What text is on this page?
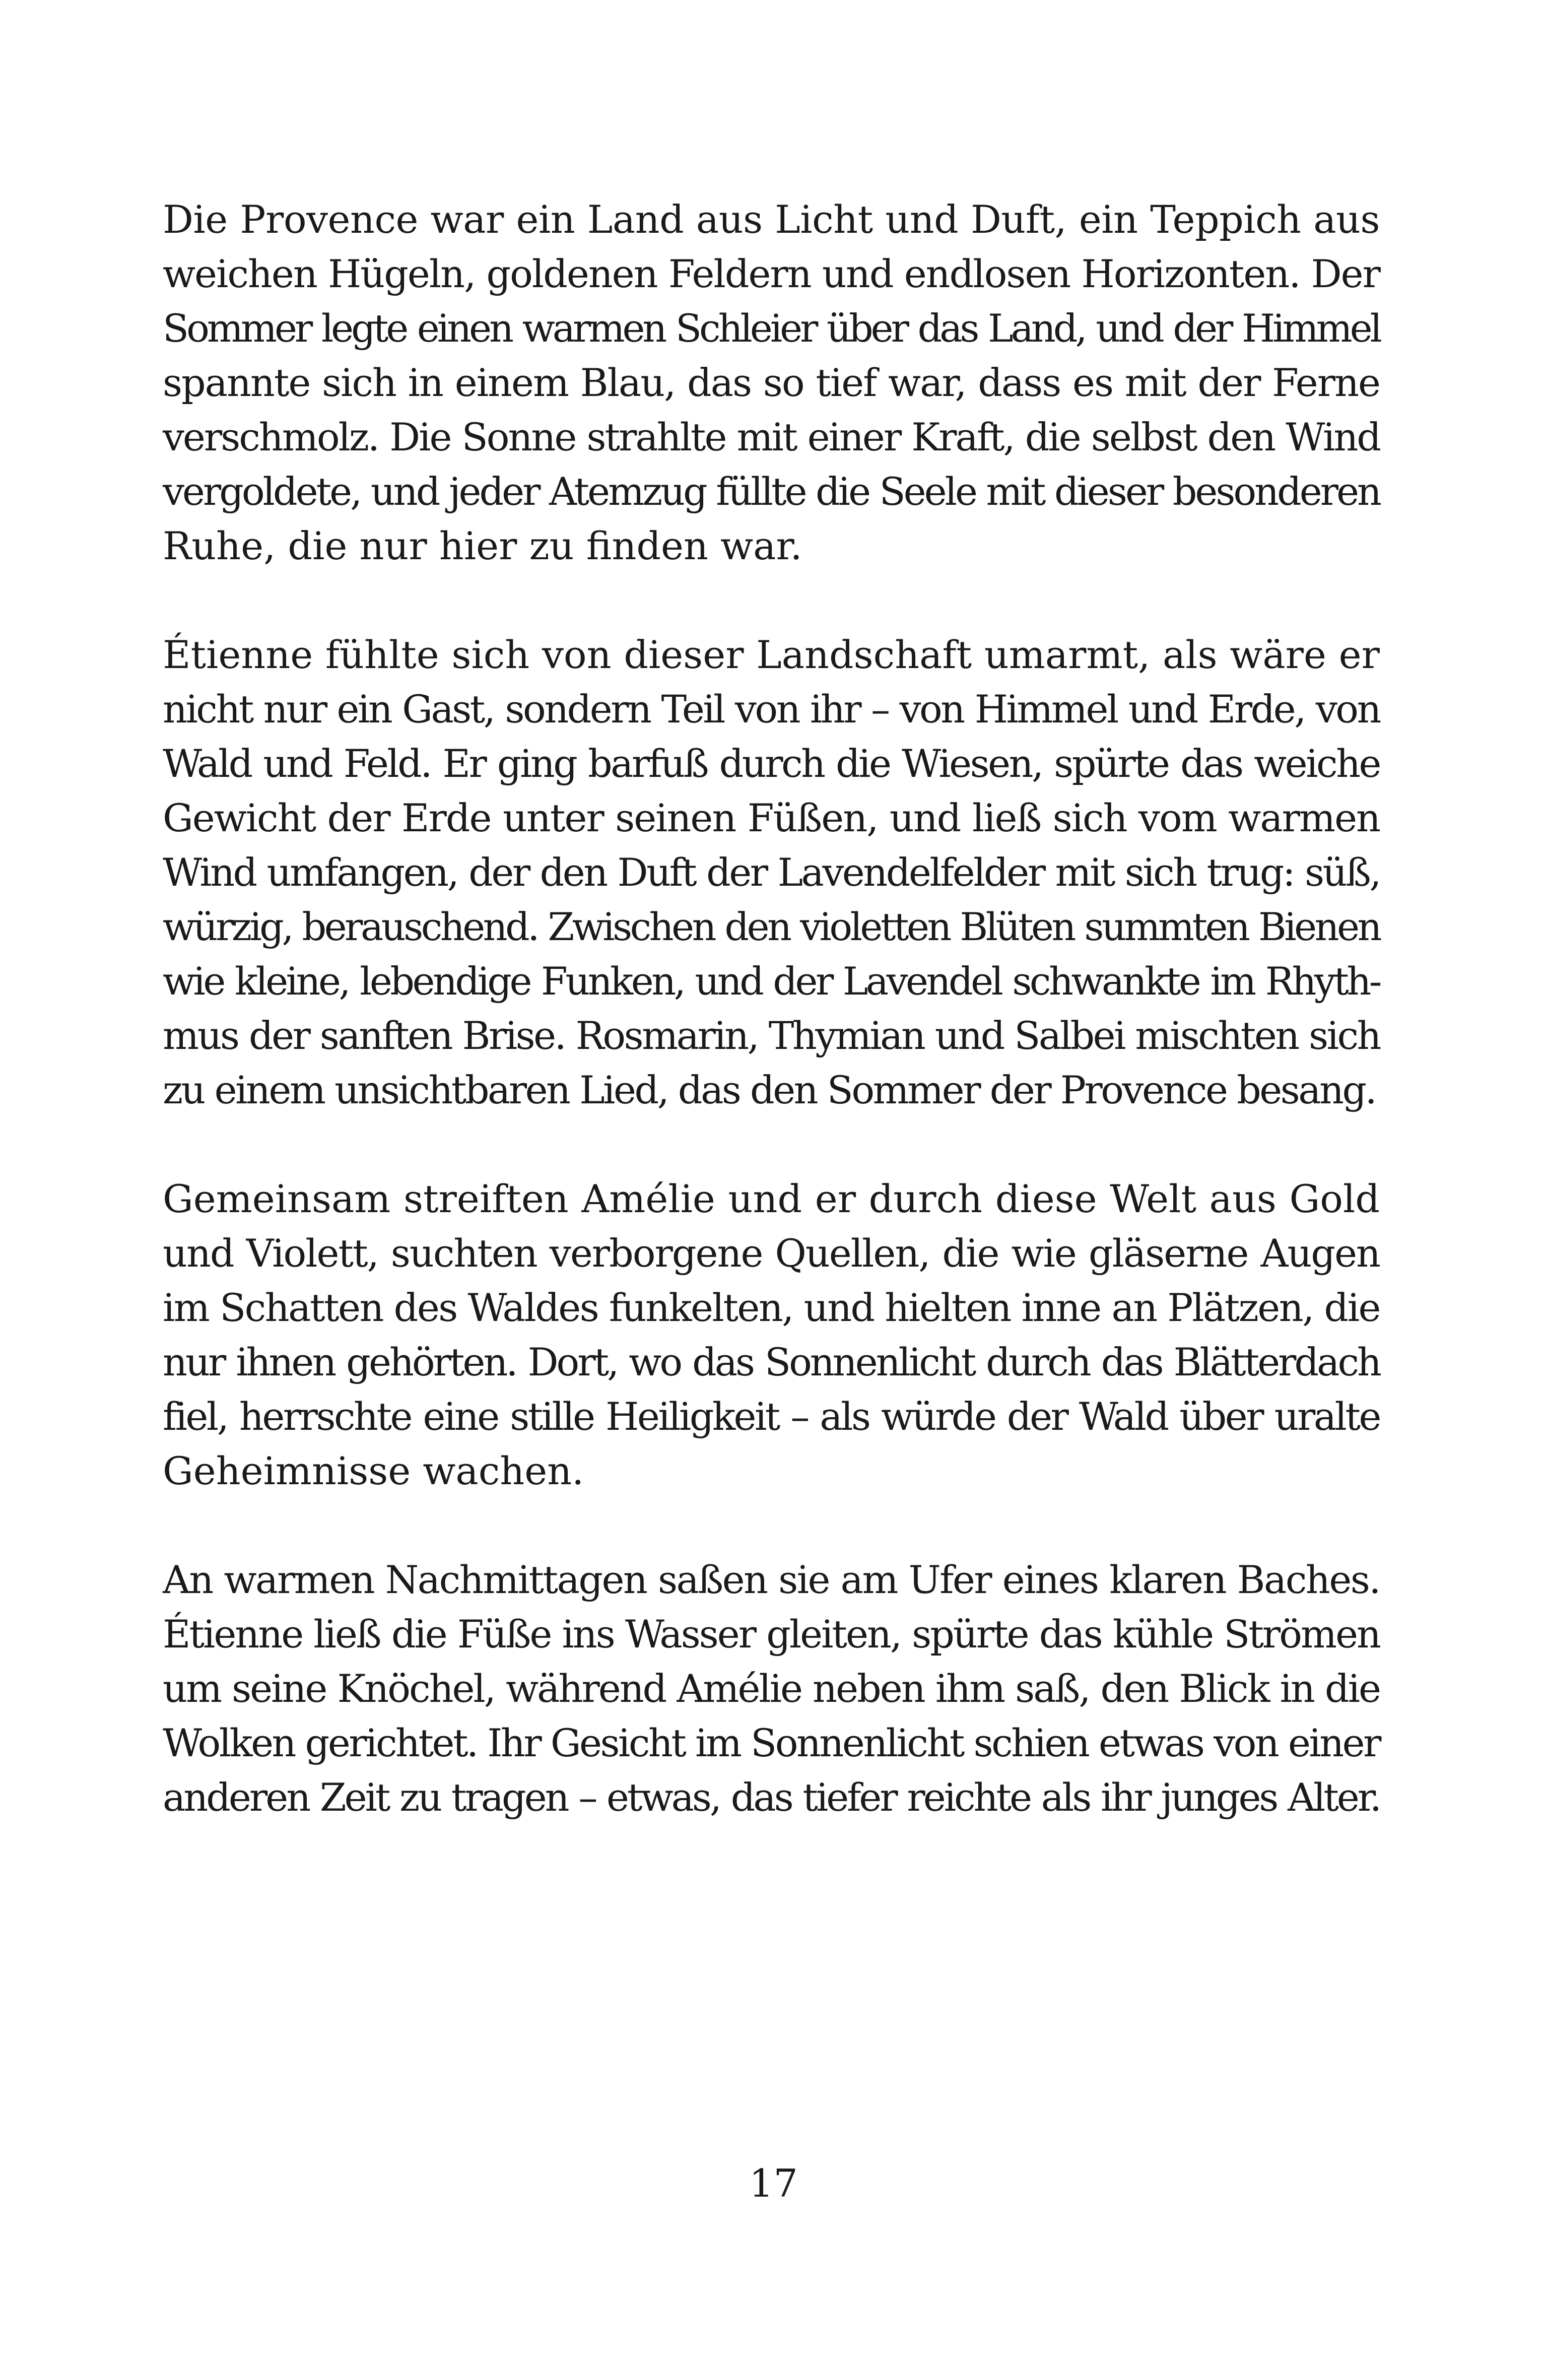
Die Provence war ein Land aus Licht und Duft, ein Teppich aus
weichen Hügeln, goldenen Feldern und endlosen Horizonten. Der
Sommer legte einen warmen Schleier über das Land, und der Himmel
spannte sich in einem Blau, das so tief war, dass es mit der Ferne
verschmolz. Die Sonne strahlte mit einer Kraft, die selbst den Wind
vergoldete, und jeder Atemzug füllte die Seele mit dieser besonderen
Ruhe, die nur hier zu finden war.

Étienne fühlte sich von dieser Landschaft umarmt, als wäre er
nicht nur ein Gast, sondern Teil von ihr – von Himmel und Erde, von
Wald und Feld. Er ging barfuß durch die Wiesen, spürte das weiche
Gewicht der Erde unter seinen Füßen, und ließ sich vom warmen
Wind umfangen, der den Duft der Lavendelfelder mit sich trug: süß,
würzig, berauschend. Zwischen den violetten Blüten summten Bienen
wie kleine, lebendige Funken, und der Lavendel schwankte im Rhyth-
mus der sanften Brise. Rosmarin, Thymian und Salbei mischten sich
zu einem unsichtbaren Lied, das den Sommer der Provence besang.

Gemeinsam streiften Amélie und er durch diese Welt aus Gold
und Violett, suchten verborgene Quellen, die wie gläserne Augen
im Schatten des Waldes funkelten, und hielten inne an Plätzen, die
nur ihnen gehörten. Dort, wo das Sonnenlicht durch das Blätterdach
fiel, herrschte eine stille Heiligkeit – als würde der Wald über uralte
Geheimnisse wachen.

An warmen Nachmittagen saßen sie am Ufer eines klaren Baches.
Étienne ließ die Füße ins Wasser gleiten, spürte das kühle Strömen
um seine Knöchel, während Amélie neben ihm saß, den Blick in die
Wolken gerichtet. Ihr Gesicht im Sonnenlicht schien etwas von einer
anderen Zeit zu tragen – etwas, das tiefer reichte als ihr junges Alter.

17
